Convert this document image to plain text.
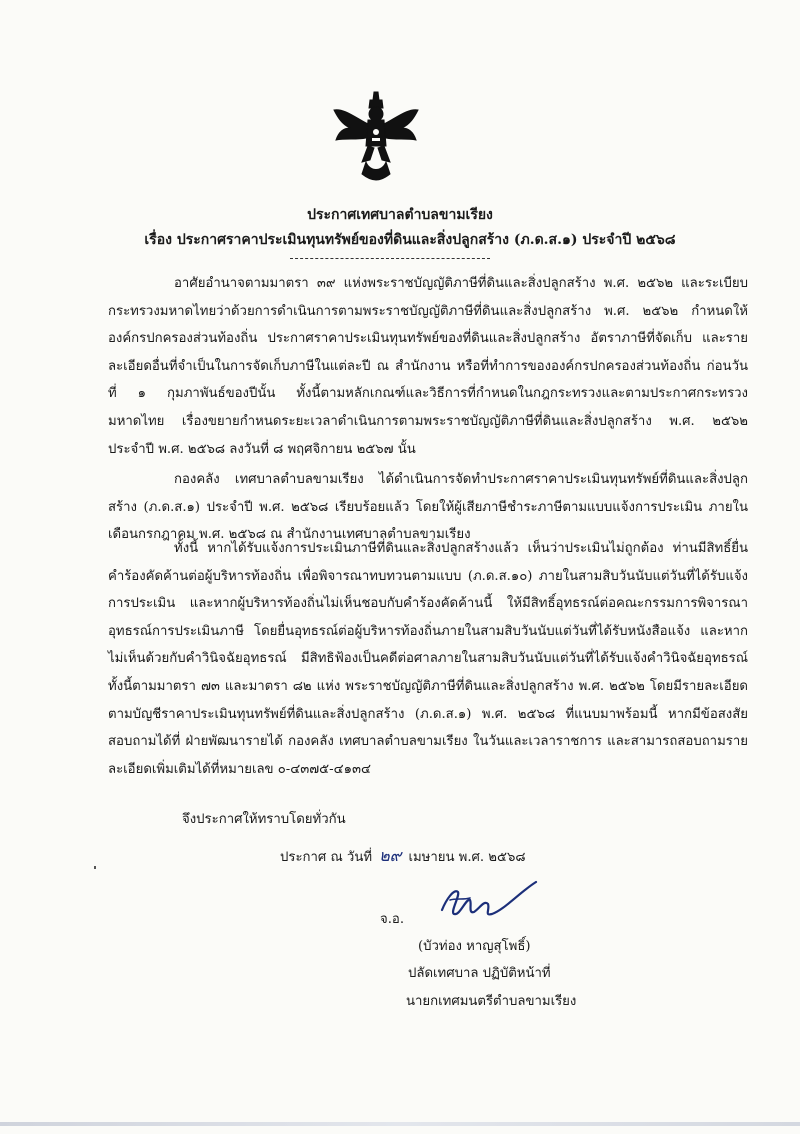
ประกาศเทศบาลตำบลขามเรียง
เรื่อง ประกาศราคาประเมินทุนทรัพย์ของที่ดินและสิ่งปลูกสร้าง (ภ.ด.ส.๑) ประจำปี ๒๕๖๘
อาศัยอำนาจตามมาตรา ๓๙ แห่งพระราชบัญญัติภาษีที่ดินและสิ่งปลูกสร้าง พ.ศ. ๒๕๖๒ และระเบียบกระทรวงมหาดไทยว่าด้วยการดำเนินการตามพระราชบัญญัติภาษีที่ดินและสิ่งปลูกสร้าง พ.ศ. ๒๕๖๒ กำหนดให้องค์กรปกครองส่วนท้องถิ่น ประกาศราคาประเมินทุนทรัพย์ของที่ดินและสิ่งปลูกสร้าง อัตราภาษีที่จัดเก็บ และรายละเอียดอื่นที่จำเป็นในการจัดเก็บภาษีในแต่ละปี ณ สำนักงาน หรือที่ทำการขององค์กรปกครองส่วนท้องถิ่น ก่อนวันที่ ๑ กุมภาพันธ์ของปีนั้น ทั้งนี้ตามหลักเกณฑ์และวิธีการที่กำหนดในกฎกระทรวงและตามประกาศกระทรวงมหาดไทย เรื่องขยายกำหนดระยะเวลาดำเนินการตามพระราชบัญญัติภาษีที่ดินและสิ่งปลูกสร้าง พ.ศ. ๒๕๖๒ ประจำปี พ.ศ. ๒๕๖๘ ลงวันที่ ๘ พฤศจิกายน ๒๕๖๗ นั้น
กองคลัง เทศบาลตำบลขามเรียง ได้ดำเนินการจัดทำประกาศราคาประเมินทุนทรัพย์ที่ดินและสิ่งปลูกสร้าง (ภ.ด.ส.๑) ประจำปี พ.ศ. ๒๕๖๘ เรียบร้อยแล้ว โดยให้ผู้เสียภาษีชำระภาษีตามแบบแจ้งการประเมิน ภายในเดือนกรกฎาคม พ.ศ. ๒๕๖๘ ณ สำนักงานเทศบาลตำบลขามเรียง
ทั้งนี้ หากได้รับแจ้งการประเมินภาษีที่ดินและสิ่งปลูกสร้างแล้ว เห็นว่าประเมินไม่ถูกต้อง ท่านมีสิทธิ์ยื่นคำร้องคัดค้านต่อผู้บริหารท้องถิ่น เพื่อพิจารณาทบทวนตามแบบ (ภ.ด.ส.๑๐) ภายในสามสิบวันนับแต่วันที่ได้รับแจ้งการประเมิน และหากผู้บริหารท้องถิ่นไม่เห็นชอบกับคำร้องคัดค้านนี้ ให้มีสิทธิ์อุทธรณ์ต่อคณะกรรมการพิจารณาอุทธรณ์การประเมินภาษี โดยยื่นอุทธรณ์ต่อผู้บริหารท้องถิ่นภายในสามสิบวันนับแต่วันที่ได้รับหนังสือแจ้ง และหากไม่เห็นด้วยกับคำวินิจฉัยอุทธรณ์ มีสิทธิฟ้องเป็นคดีต่อศาลภายในสามสิบวันนับแต่วันที่ได้รับแจ้งคำวินิจฉัยอุทธรณ์ ทั้งนี้ตามมาตรา ๗๓ และมาตรา ๘๒ แห่ง พระราชบัญญัติภาษีที่ดินและสิ่งปลูกสร้าง พ.ศ. ๒๕๖๒ โดยมีรายละเอียดตามบัญชีราคาประเมินทุนทรัพย์ที่ดินและสิ่งปลูกสร้าง (ภ.ด.ส.๑) พ.ศ. ๒๕๖๘ ที่แนบมาพร้อมนี้ หากมีข้อสงสัยสอบถามได้ที่ ฝ่ายพัฒนารายได้ กองคลัง เทศบาลตำบลขามเรียง ในวันและเวลาราชการ และสามารถสอบถามรายละเอียดเพิ่มเติมได้ที่หมายเลข ๐-๔๓๗๕-๔๑๓๔
จึงประกาศให้ทราบโดยทั่วกัน
ประกาศ ณ วันที่ ๒๙ เมษายน พ.ศ. ๒๕๖๘
จ.อ.
(บัวท่อง หาญสุโพธิ์)
ปลัดเทศบาล ปฏิบัติหน้าที่
นายกเทศมนตรีตำบลขามเรียง
